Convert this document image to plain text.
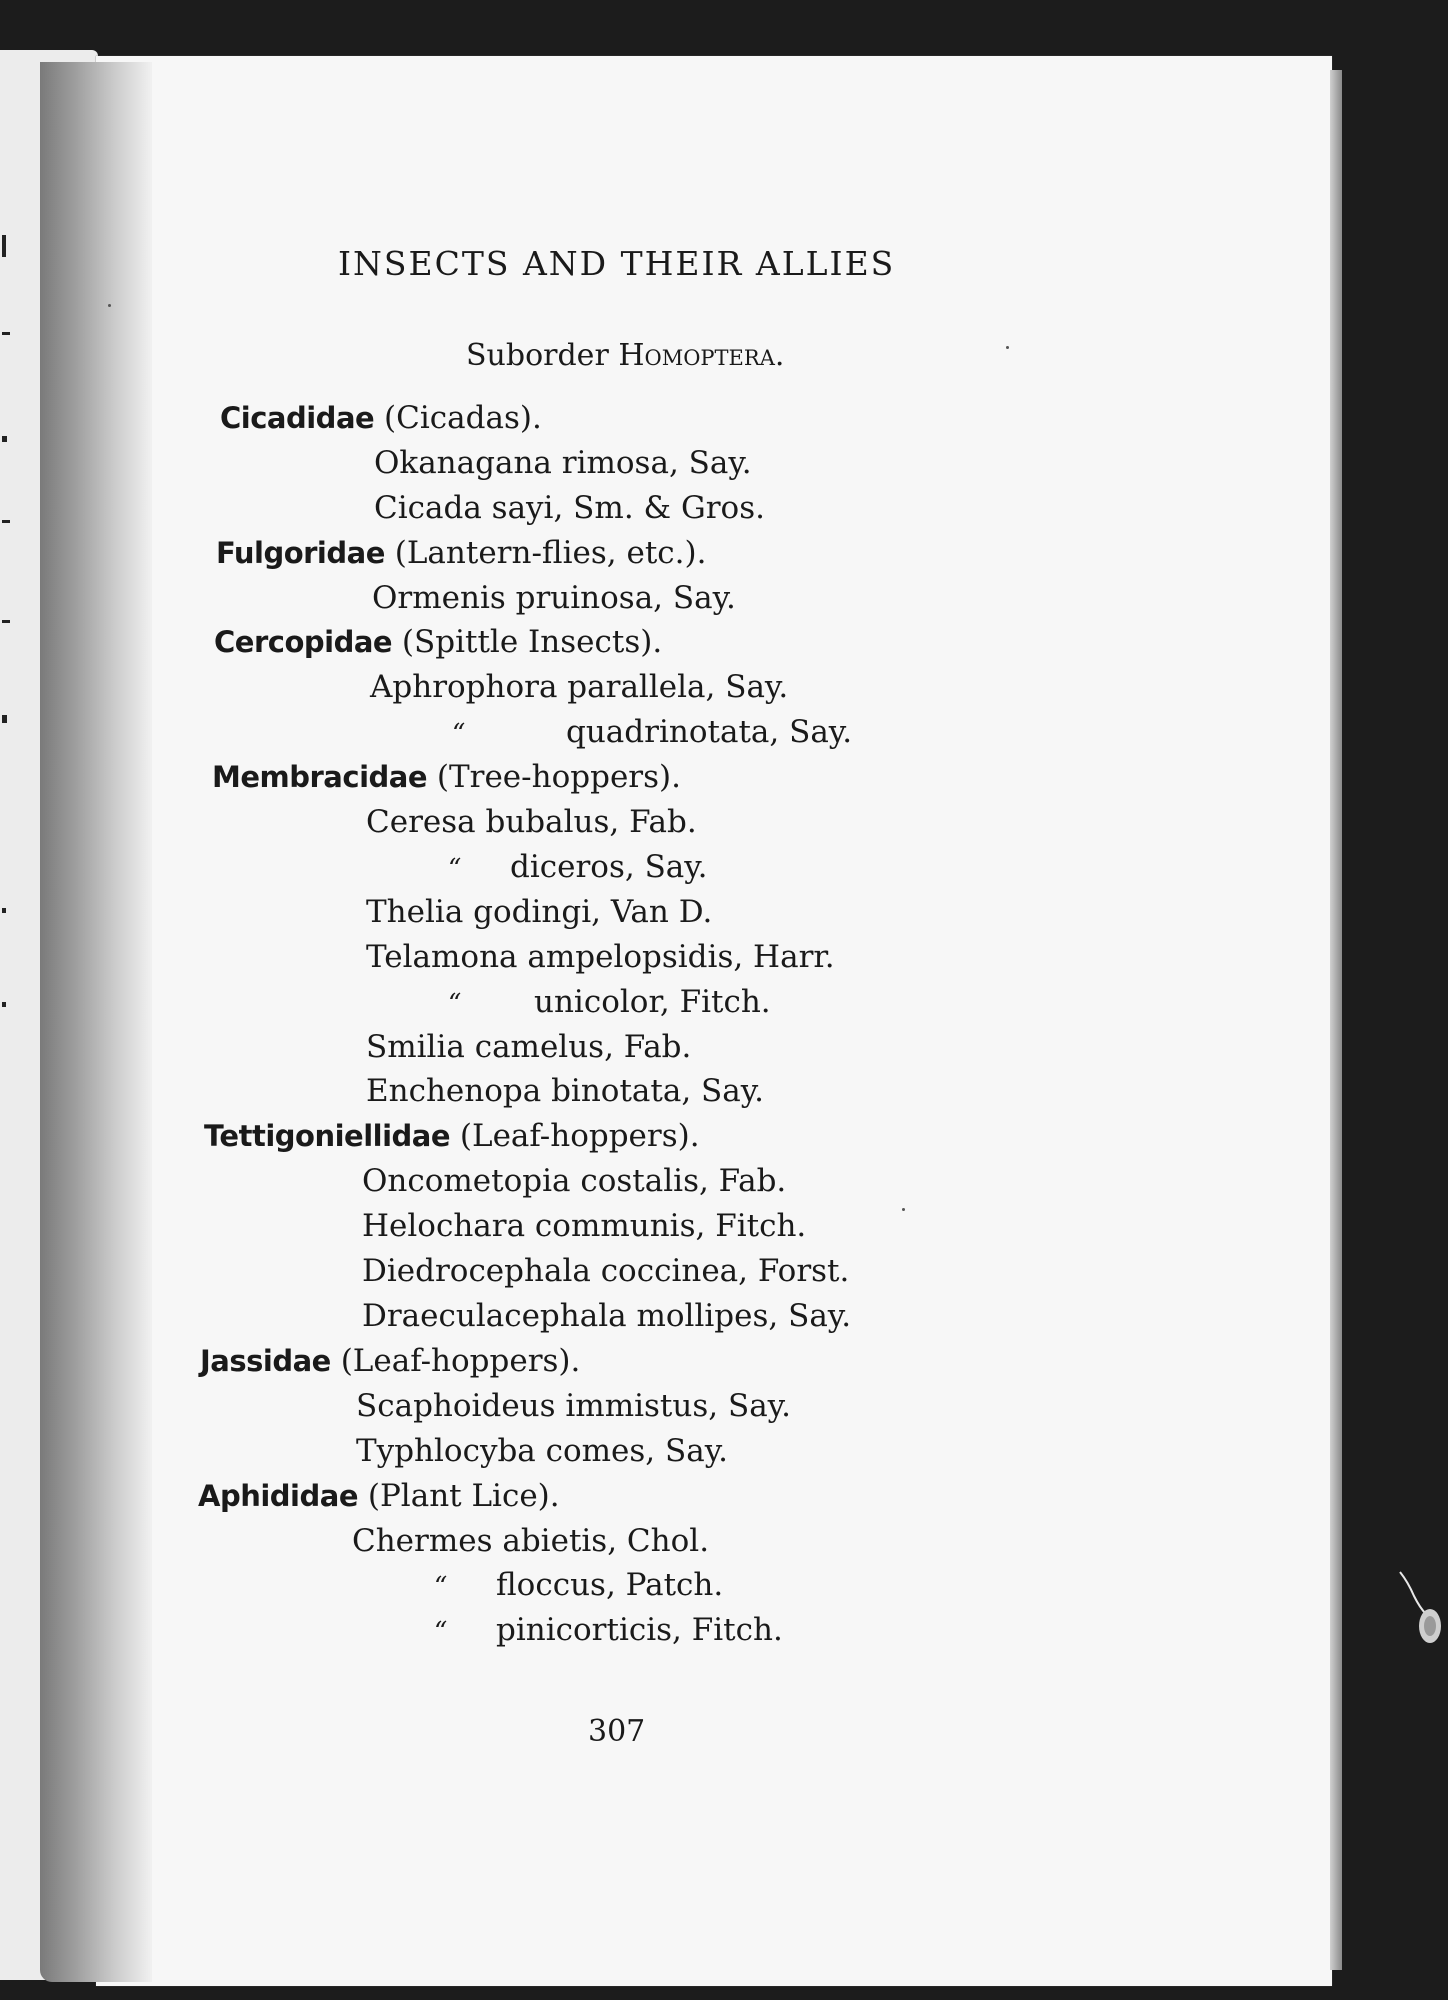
INSECTS AND THEIR ALLIES
Suborder Homoptera.
Cicadidae (Cicadas).
Okanagana rimosa, Say.
Cicada sayi, Sm. & Gros.
Fulgoridae (Lantern-flies, etc.).
Ormenis pruinosa, Say.
Cercopidae (Spittle Insects).
Aphrophora parallela, Say.
“	quadrinotata, Say.
Membracidae (Tree-hoppers).
Ceresa bubalus, Fab.
“ diceros, Say.
Thelia godingi, Van D.
Telamona ampelopsidis, Harr.
“ unicolor, Fitch.
Smilia camelus, Fab.
Enchenopa binotata, Say.
Tettigoniellidae (Leaf-hoppers).
Oncometopia costalis, Fab.
Helochara communis, Fitch.
Diedrocephala coccinea, Forst.
Draeculacephala mollipes, Say.
Jassidae (Leaf-hoppers).
Scaphoideus immistus, Say.
Typhlocyba comes, Say.
Aphididae (Plant Lice).
Chermes abietis, Chol.
“ floccus, Patch.
“ pinicorticis, Fitch.
307
